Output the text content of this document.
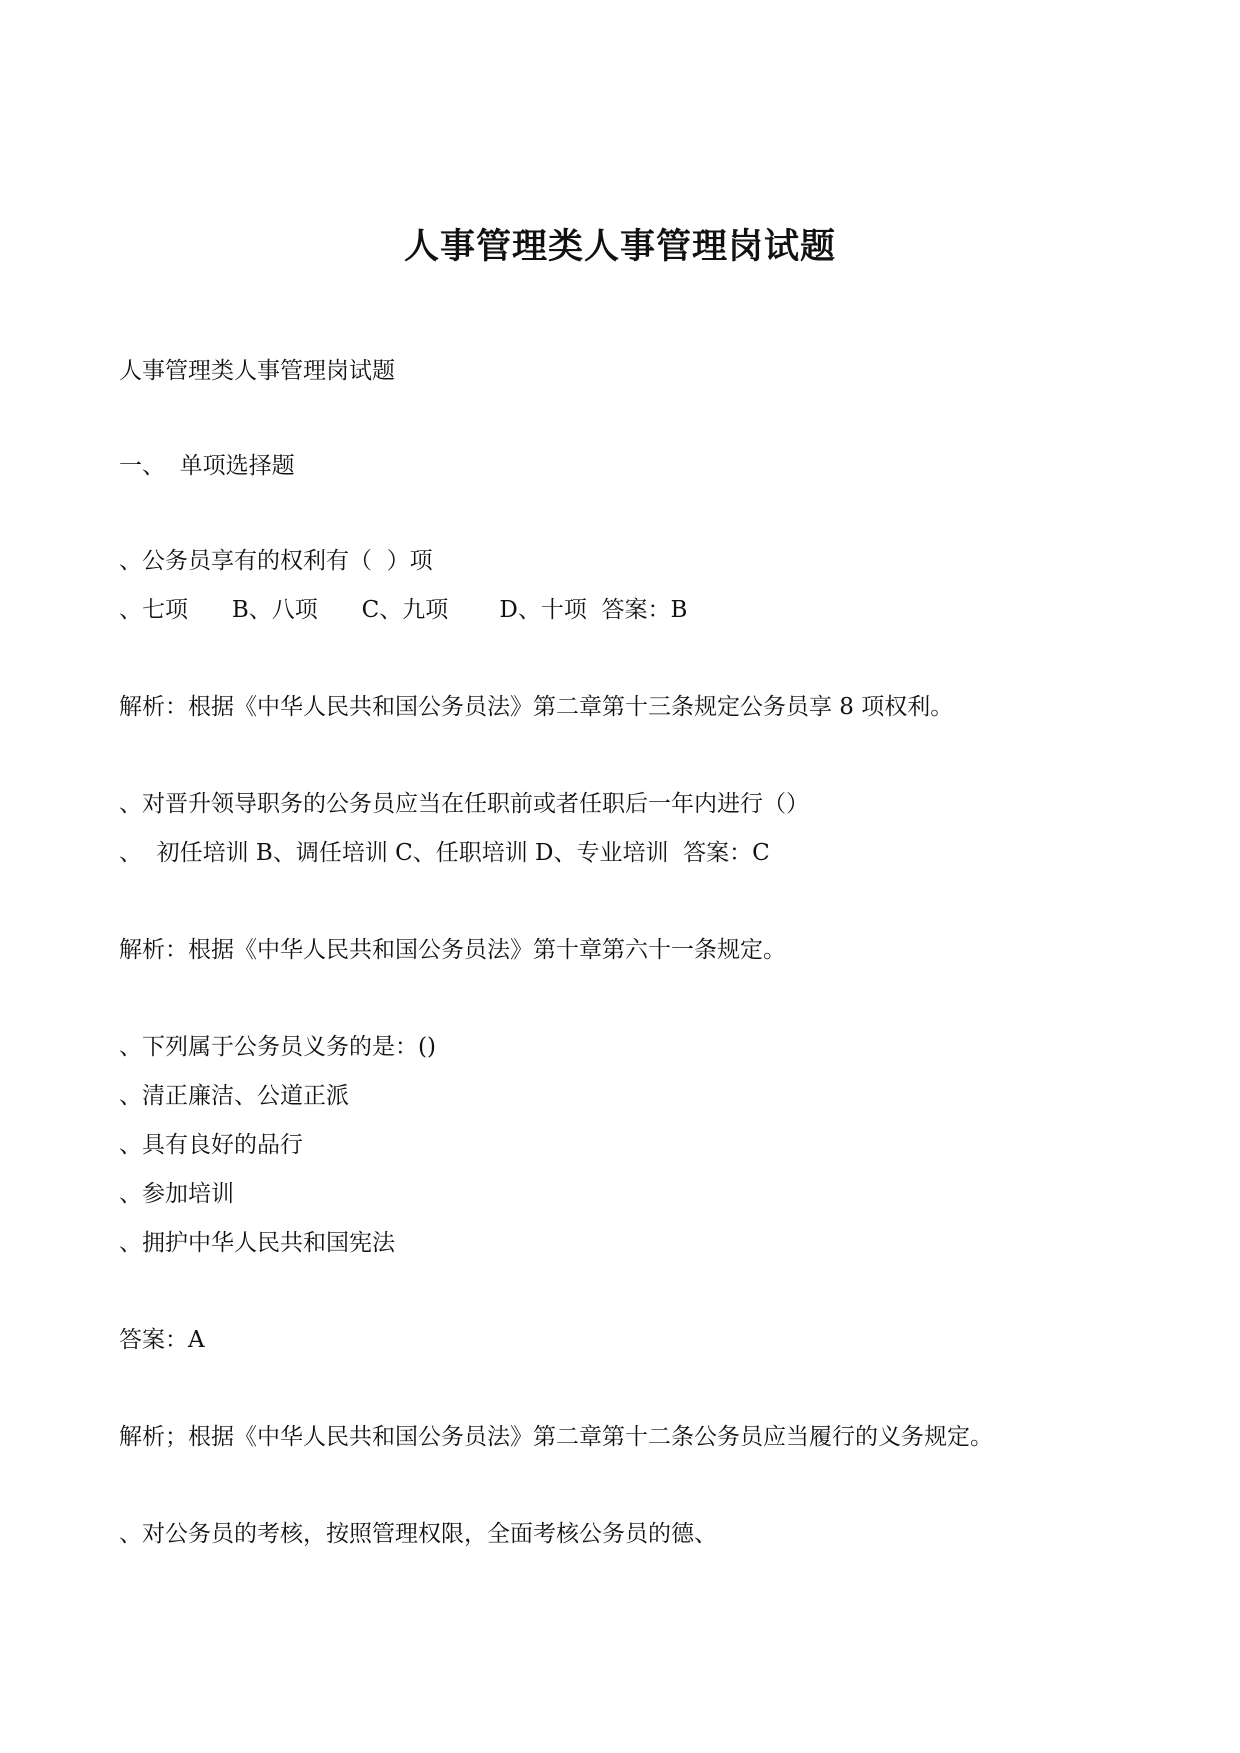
人事管理类人事管理岗试题
人事管理类人事管理岗试题
一、  单项选择题
、公务员享有的权利有（  ）项
、七项      B、八项      C、九项       D、十项  答案：B
解析：根据《中华人民共和国公务员法》第二章第十三条规定公务员享 8 项权利。
、对晋升领导职务的公务员应当在任职前或者任职后一年内进行（）
、  初任培训 B、调任培训 C、任职培训 D、专业培训  答案：C
解析：根据《中华人民共和国公务员法》第十章第六十一条规定。
、下列属于公务员义务的是：()
、清正廉洁、公道正派
、具有良好的品行
、参加培训
、拥护中华人民共和国宪法
答案：A
解析；根据《中华人民共和国公务员法》第二章第十二条公务员应当履行的义务规定。
、对公务员的考核，按照管理权限，全面考核公务员的德、
